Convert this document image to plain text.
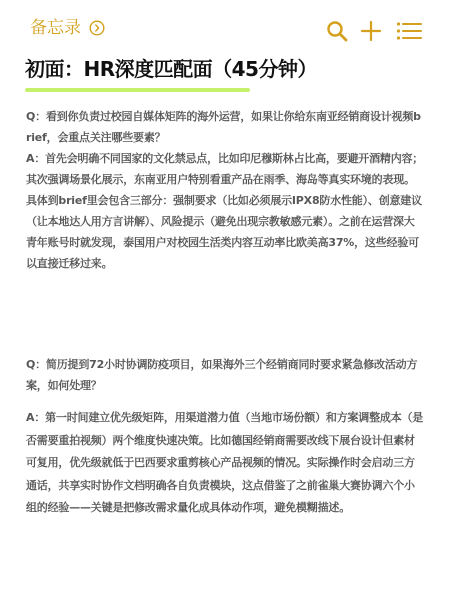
备忘录
初面：HR深度匹配面（45分钟）

Q：看到你负责过校园自媒体矩阵的海外运营，如果让你给东南亚经销商设计视频brief，会重点关注哪些要素？

A：首先会明确不同国家的文化禁忌点，比如印尼穆斯林占比高，要避开酒精内容；其次强调场景化展示，东南亚用户特别看重产品在雨季、海岛等真实环境的表现。具体到brief里会包含三部分：强制要求（比如必须展示IPX8防水性能）、创意建议（让本地达人用方言讲解）、风险提示（避免出现宗教敏感元素）。之前在运营深大青年账号时就发现，泰国用户对校园生活类内容互动率比欧美高37%，这些经验可以直接迁移过来。

Q：简历提到72小时协调防疫项目，如果海外三个经销商同时要求紧急修改活动方案，如何处理？

A：第一时间建立优先级矩阵，用渠道潜力值（当地市场份额）和方案调整成本（是否需要重拍视频）两个维度快速决策。比如德国经销商需要改线下展台设计但素材可复用，优先级就低于巴西要求重剪核心产品视频的情况。实际操作时会启动三方通话，共享实时协作文档明确各自负责模块，这点借鉴了之前雀巢大赛协调六个小组的经验——关键是把修改需求量化成具体动作项，避免模糊描述。
